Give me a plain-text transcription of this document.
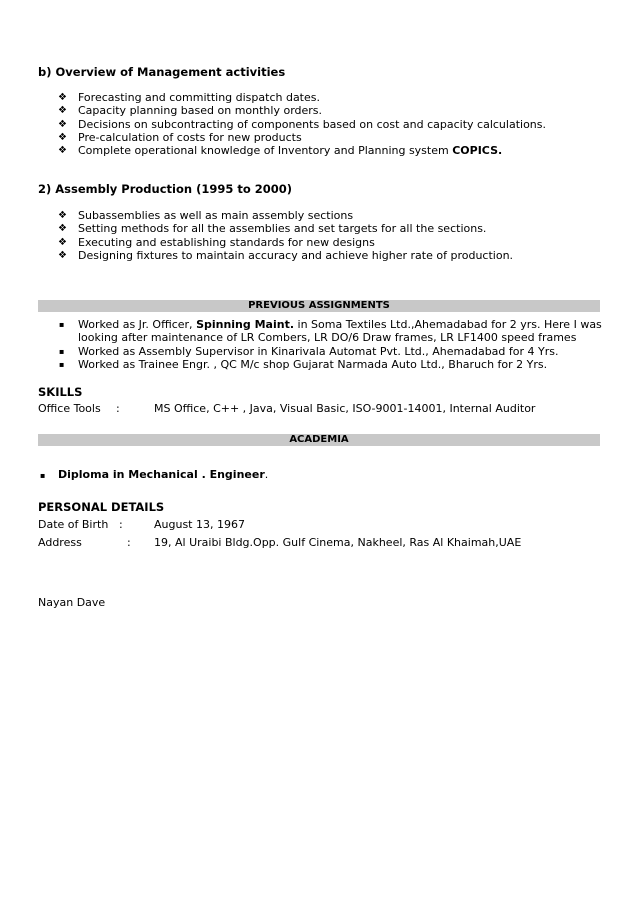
b) Overview of Management activities
❖ Forecasting and committing dispatch dates.
❖ Capacity planning based on monthly orders.
❖ Decisions on subcontracting of components based on cost and capacity calculations.
❖ Pre-calculation of costs for new products
❖ Complete operational knowledge of Inventory and Planning system COPICS.
2) Assembly Production (1995 to 2000)
❖ Subassemblies as well as main assembly sections
❖ Setting methods for all the assemblies and set targets for all the sections.
❖ Executing and establishing standards for new designs
❖ Designing fixtures to maintain accuracy and achieve higher rate of production.
PREVIOUS ASSIGNMENTS
▪ Worked as Jr. Officer, Spinning Maint. in Soma Textiles Ltd.,Ahemadabad for 2 yrs. Here I was looking after maintenance of LR Combers, LR DO/6 Draw frames, LR LF1400 speed frames
▪ Worked as Assembly Supervisor in Kinarivala Automat Pvt. Ltd., Ahemadabad for 4 Yrs.
▪ Worked as Trainee Engr. , QC M/c shop Gujarat Narmada Auto Ltd., Bharuch for 2 Yrs.
SKILLS
Office Tools :	MS Office, C++ , Java, Visual Basic, ISO-9001-14001, Internal Auditor
ACADEMIA
▪ Diploma in Mechanical . Engineer.
PERSONAL DETAILS
Date of Birth :	August 13, 1967
Address	: 19, Al Uraibi Bldg.Opp. Gulf Cinema, Nakheel, Ras Al Khaimah,UAE
Nayan Dave
